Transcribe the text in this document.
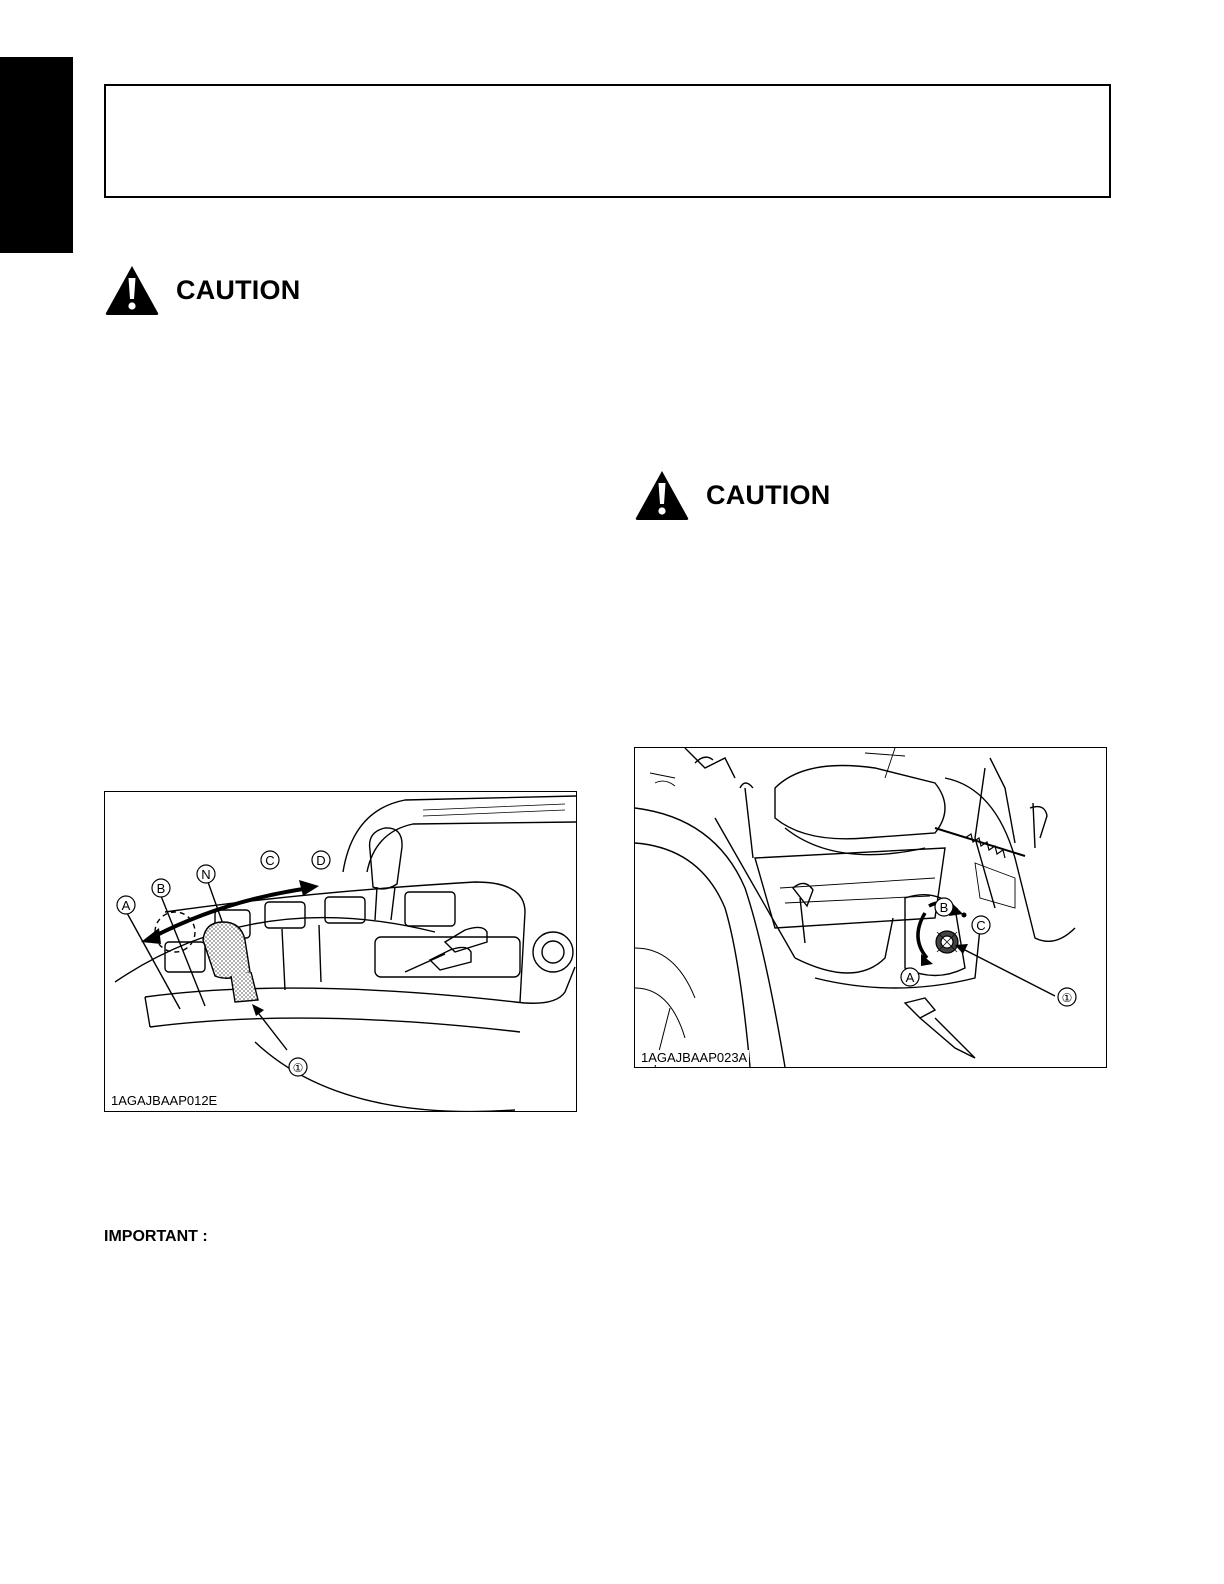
CAUTION
CAUTION
A
B
N
C	D
①
1AGAJBAAP012E
B
C
A
①
1AGAJBAAP023A
IMPORTANT :
